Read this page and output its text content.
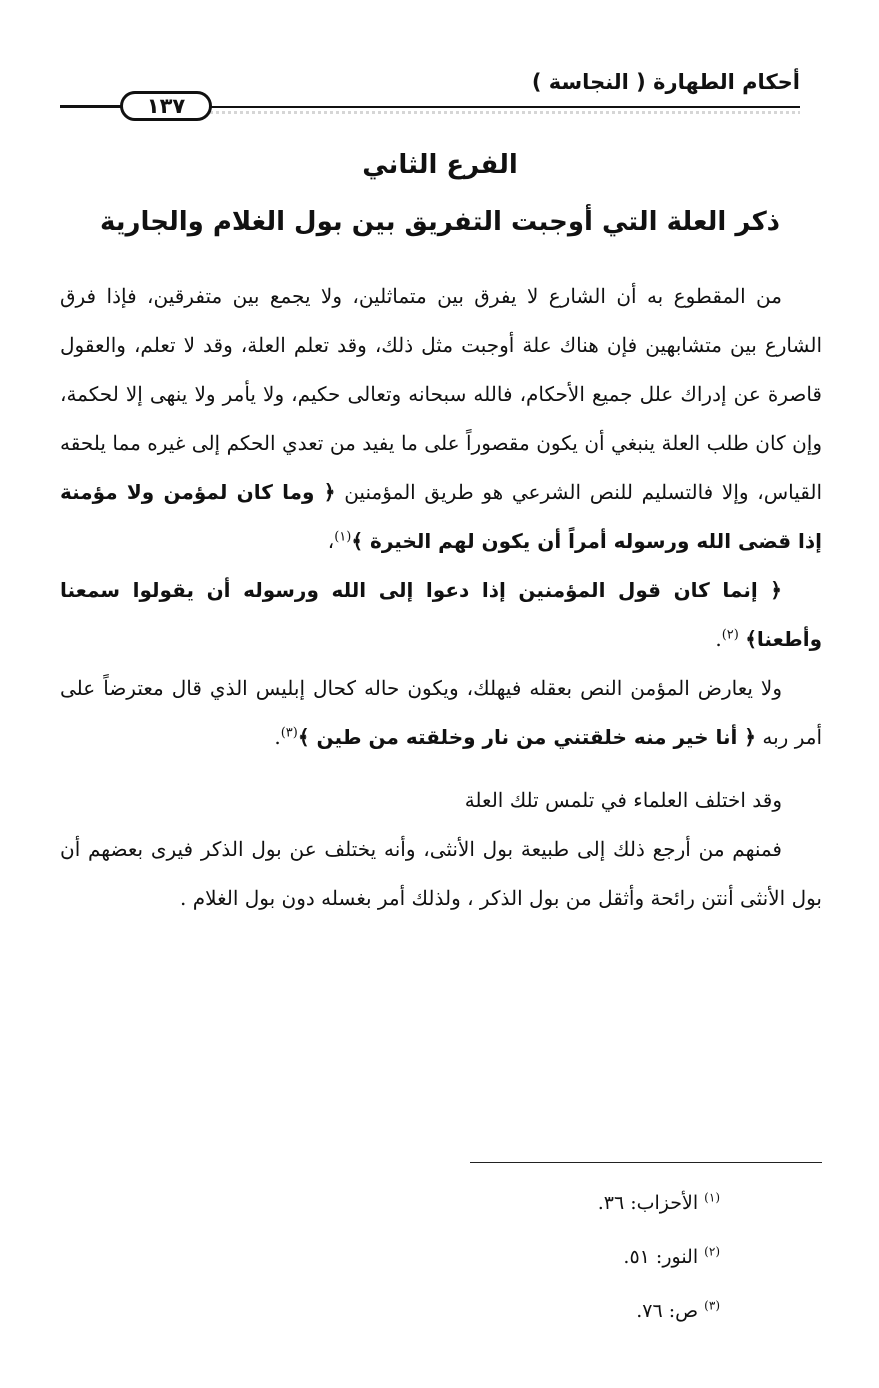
أحكام الطهارة ( النجاسة )
١٣٧
الفرع الثاني
ذكر العلة التي أوجبت التفريق بين بول الغلام والجارية

من المقطوع به أن الشارع لا يفرق بين متماثلين، ولا يجمع بين متفرقين، فإذا فرق الشارع بين متشابهين فإن هناك علة أوجبت مثل ذلك، وقد تعلم العلة، وقد لا تعلم، والعقول قاصرة عن إدراك علل جميع الأحكام، فالله سبحانه وتعالى حكيم، ولا يأمر ولا ينهى إلا لحكمة، وإن كان طلب العلة ينبغي أن يكون مقصوراً على ما يفيد من تعدي الحكم إلى غيره مما يلحقه القياس، وإلا فالتسليم للنص الشرعي هو طريق المؤمنين ﴿ وما كان لمؤمن ولا مؤمنة إذا قضى الله ورسوله أمراً أن يكون لهم الخيرة ﴾$^{(١)}$،

﴿ إنما كان قول المؤمنين إذا دعوا إلى الله ورسوله أن يقولوا سمعنا وأطعنا﴾ $^{(٢)}$.

ولا يعارض المؤمن النص بعقله فيهلك، ويكون حاله كحال إبليس الذي قال معترضاً على أمر ربه ﴿ أنا خير منه خلقتني من نار وخلقته من طين ﴾$^{(٣)}$.

وقد اختلف العلماء في تلمس تلك العلة

فمنهم من أرجع ذلك إلى طبيعة بول الأنثى، وأنه يختلف عن بول الذكر فيرى بعضهم أن بول الأنثى أنتن رائحة وأثقل من بول الذكر ، ولذلك أمر بغسله دون بول الغلام .

$^{(١)}$ الأحزاب: ٣٦.
$^{(٢)}$ النور: ٥١.
$^{(٣)}$ ص: ٧٦.
